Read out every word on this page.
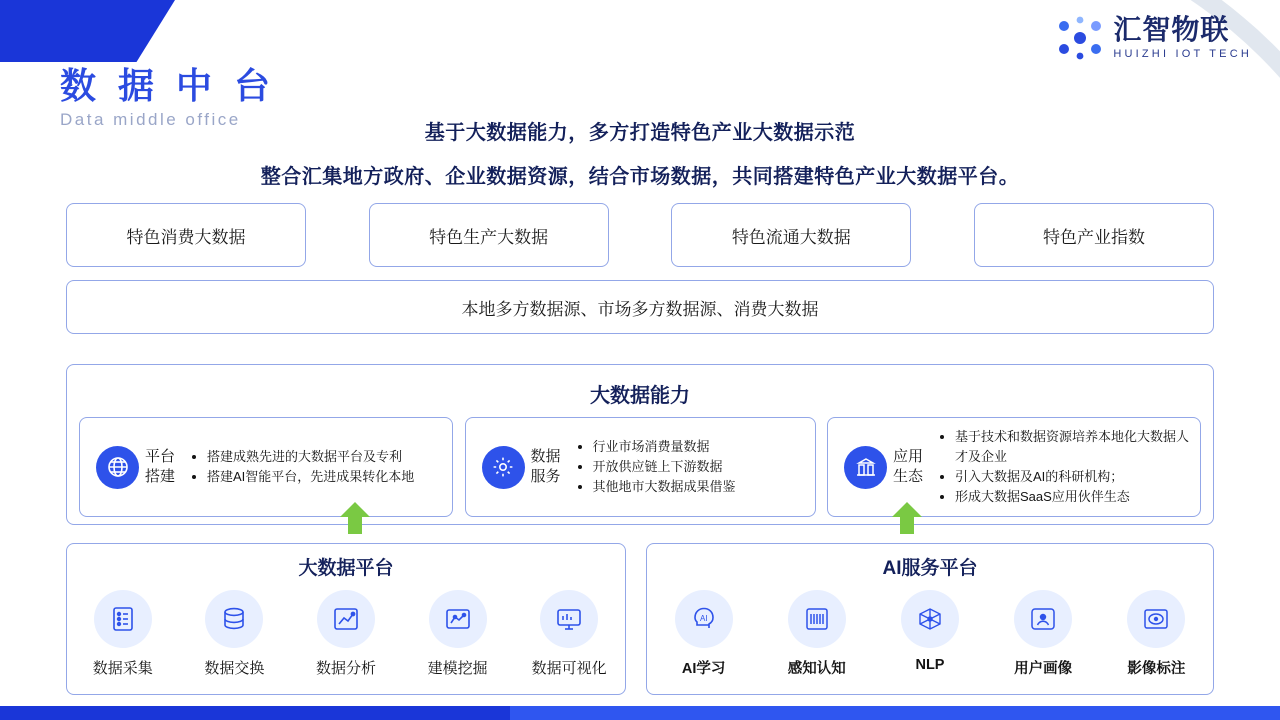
汇智物联
HUIZHI IOT TECH
数 据 中 台
Data middle office
基于大数据能力，多方打造特色产业大数据示范
整合汇集地方政府、企业数据资源，结合市场数据，共同搭建特色产业大数据平台。
特色消费大数据	特色生产大数据	特色流通大数据	特色产业指数
本地多方数据源、市场多方数据源、消费大数据
大数据能力
平台
搭建
• 搭建成熟先进的大数据平台及专利
• 搭建AI智能平台，先进成果转化本地
数据
服务
• 行业市场消费量数据
• 开放供应链上下游数据
• 其他地市大数据成果借鉴
应用
生态
• 基于技术和数据资源培养本地化大数据人才及企业
• 引入大数据及AI的科研机构；
• 形成大数据SaaS应用伙伴生态
大数据平台
数据采集	数据交换	数据分析	建模挖掘	数据可视化
AI服务平台
AI
AI学习	感知认知	NLP	用户画像	影像标注
